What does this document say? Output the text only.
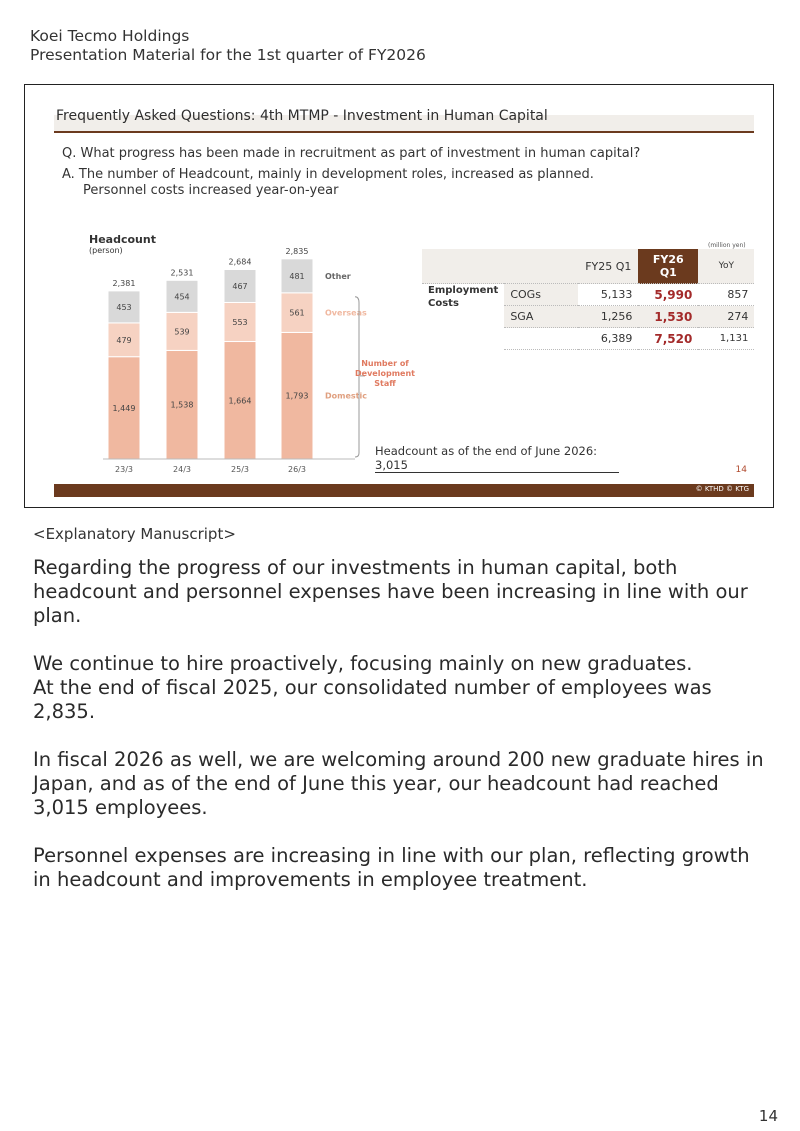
Koei Tecmo Holdings
Presentation Material for the 1st quarter of FY2026
Frequently Asked Questions: 4th MTMP - Investment in Human Capital
Q. What progress has been made in recruitment as part of investment in human capital?
A. The number of Headcount, mainly in development roles, increased as planned.
Personnel costs increased year-on-year
Headcount
(person)
1,449
479
453
2,381
23/3
1,538
539
454
2,531
24/3
1,664
553
467
2,684
25/3
1,793
561
481
2,835
26/3
Domestic
Overseas
Other
Number of
Development
Staff
(million yen)
		FY25 Q1	FY26 Q1	YoY
Employment Costs	COGs	5,133	5,990	857
	SGA	1,256	1,530	274
		6,389	7,520	1,131
Headcount as of the end of June 2026: 3,015	14
© KTHD © KTG
<Explanatory Manuscript>

Regarding the progress of our investments in human capital, both headcount and personnel expenses have been increasing in line with our plan.

We continue to hire proactively, focusing mainly on new graduates.
At the end of fiscal 2025, our consolidated number of employees was 2,835.

In fiscal 2026 as well, we are welcoming around 200 new graduate hires in Japan, and as of the end of June this year, our headcount had reached 3,015 employees.

Personnel expenses are increasing in line with our plan, reflecting growth in headcount and improvements in employee treatment.

14
